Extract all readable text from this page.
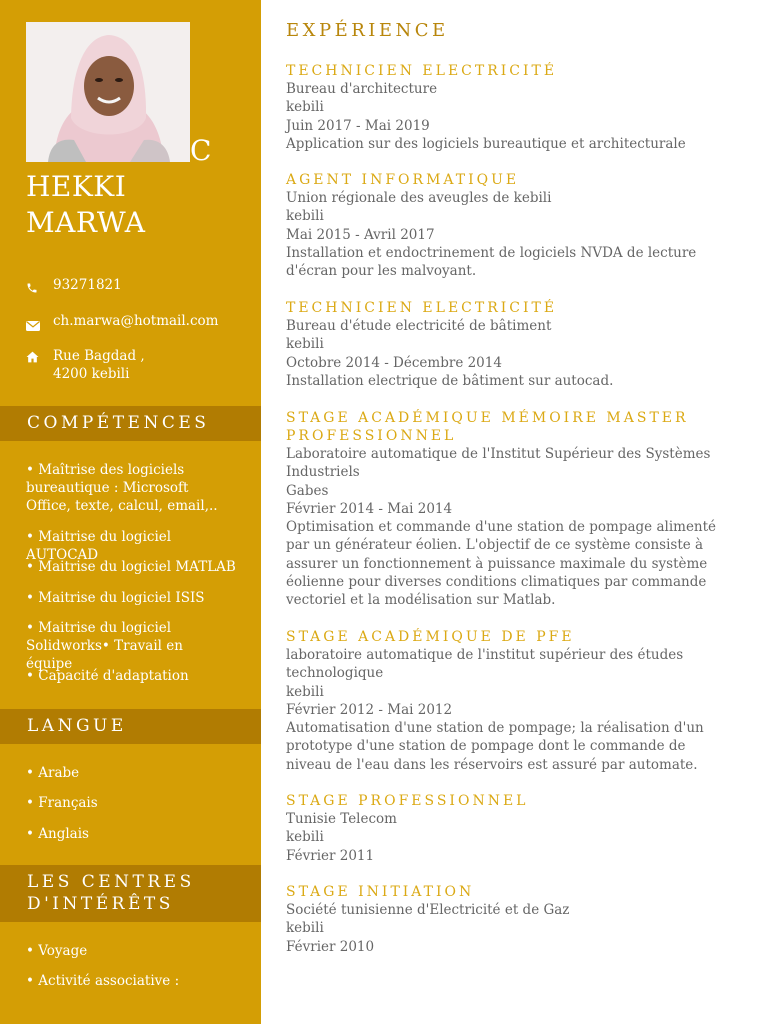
C
HEKKI
MARWA
93271821
ch.marwa@hotmail.com
Rue Bagdad ,
4200 kebili
COMPÉTENCES
• Maîtrise des logiciels bureautique : Microsoft Office, texte, calcul, email,..
• Maitrise du logiciel AUTOCAD
• Maitrise du logiciel MATLAB
• Maitrise du logiciel ISIS
• Maitrise du logiciel Solidworks• Travail en équipe
• Capacité d'adaptation
LANGUE
• Arabe
• Français
• Anglais
LES CENTRES D'INTÉRÊTS
• Voyage
• Activité associative :
EXPÉRIENCE
TECHNICIEN ELECTRICITÉ
Bureau d'architecture
kebili
Juin 2017 - Mai 2019
Application sur des logiciels bureautique et architecturale
AGENT INFORMATIQUE
Union régionale des aveugles de kebili
kebili
Mai 2015 - Avril 2017
Installation et endoctrinement de logiciels NVDA de lecture d'écran pour les malvoyant.
TECHNICIEN ELECTRICITÉ
Bureau d'étude electricité de bâtiment
kebili
Octobre 2014 - Décembre 2014
Installation electrique de bâtiment sur autocad.
STAGE ACADÉMIQUE MÉMOIRE MASTER PROFESSIONNEL
Laboratoire automatique de l'Institut Supérieur des Systèmes Industriels
Gabes
Février 2014 - Mai 2014
Optimisation et commande d'une station de pompage alimenté par un générateur éolien. L'objectif de ce système consiste à assurer un fonctionnement à puissance maximale du système éolienne pour diverses conditions climatiques par commande vectoriel et la modélisation sur Matlab.
STAGE ACADÉMIQUE DE PFE
laboratoire automatique de l'institut supérieur des études technologique
kebili
Février 2012 - Mai 2012
Automatisation d'une station de pompage; la réalisation d'un prototype d'une station de pompage dont le commande de niveau de l'eau dans les réservoirs est assuré par automate.
STAGE PROFESSIONNEL
Tunisie Telecom
kebili
Février 2011
STAGE INITIATION
Société tunisienne d'Electricité et de Gaz
kebili
Février 2010
